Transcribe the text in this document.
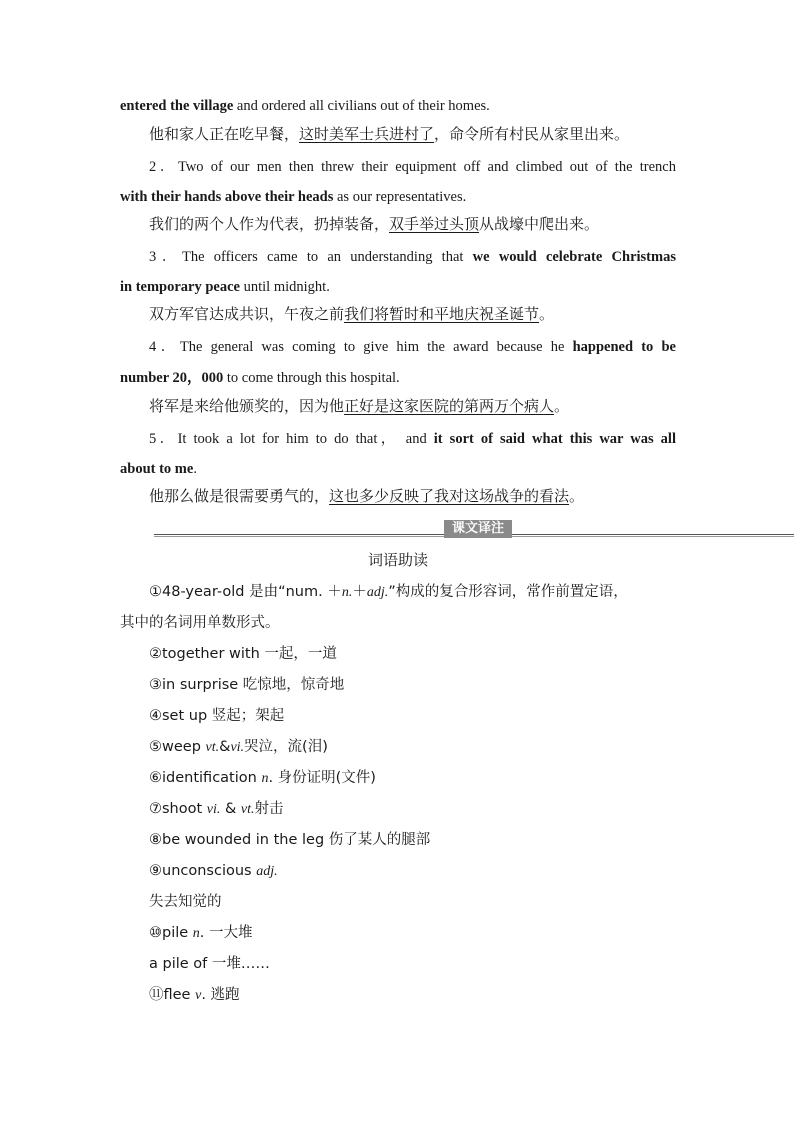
entered the village and ordered all civilians out of their homes.
他和家人正在吃早餐，这时美军士兵进村了，命令所有村民从家里出来。
2．Two of our men then threw their equipment off and climbed out of the trench
with their hands above their heads as our representatives.
我们的两个人作为代表，扔掉装备，双手举过头顶从战壕中爬出来。
3．The officers came to an understanding that we would celebrate Christmas
in temporary peace until midnight.
双方军官达成共识，午夜之前我们将暂时和平地庆祝圣诞节。
4．The general was coming to give him the award because he happened to be
number 20，000 to come through this hospital.
将军是来给他颁奖的，因为他正好是这家医院的第两万个病人。
5．It took a lot for him to do that， and it sort of said what this war was all
about to me.
他那么做是很需要勇气的，这也多少反映了我对这场战争的看法。
课文译注
词语助读
①48-year-old 是由“num. ＋n.＋adj.”构成的复合形容词，常作前置定语，
其中的名词用单数形式。
②together with 一起，一道
③in surprise 吃惊地，惊奇地
④set up 竖起；架起
⑤weep vt.&vi.哭泣，流(泪)
⑥identification n. 身份证明(文件)
⑦shoot vi. & vt.射击
⑧be wounded in the leg 伤了某人的腿部
⑨unconscious adj.
失去知觉的
⑩pile n. 一大堆
a pile of 一堆……
⑪flee v. 逃跑
